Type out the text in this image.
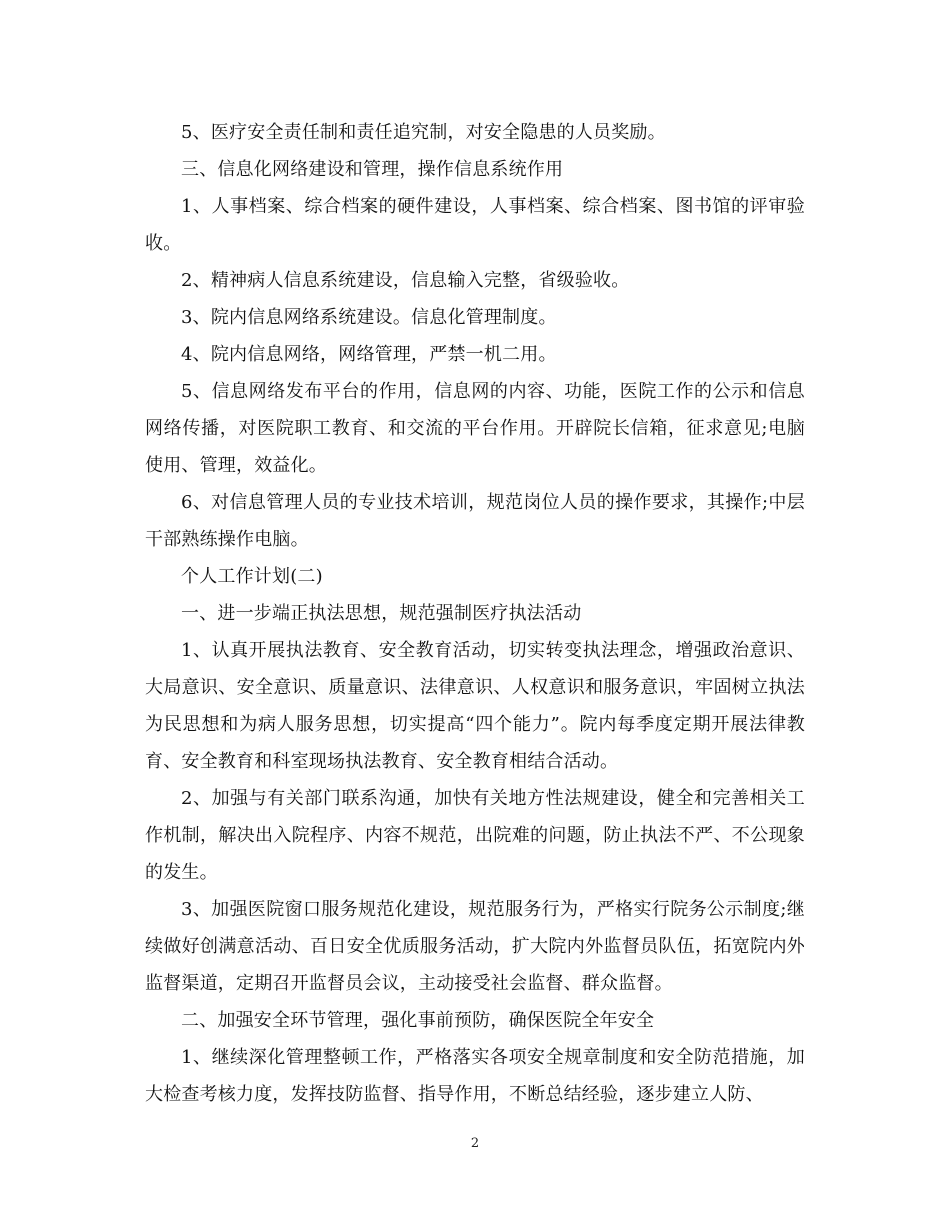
5、医疗安全责任制和责任追究制，对安全隐患的人员奖励。

三、信息化网络建设和管理，操作信息系统作用

1、人事档案、综合档案的硬件建设，人事档案、综合档案、图书馆的评审验收。

2、精神病人信息系统建设，信息输入完整，省级验收。

3、院内信息网络系统建设。信息化管理制度。

4、院内信息网络，网络管理，严禁一机二用。

5、信息网络发布平台的作用，信息网的内容、功能，医院工作的公示和信息网络传播，对医院职工教育、和交流的平台作用。开辟院长信箱，征求意见;电脑使用、管理，效益化。

6、对信息管理人员的专业技术培训，规范岗位人员的操作要求，其操作;中层干部熟练操作电脑。

个人工作计划(二)

一、进一步端正执法思想，规范强制医疗执法活动

1、认真开展执法教育、安全教育活动，切实转变执法理念，增强政治意识、大局意识、安全意识、质量意识、法律意识、人权意识和服务意识，牢固树立执法为民思想和为病人服务思想，切实提高“四个能力”。院内每季度定期开展法律教育、安全教育和科室现场执法教育、安全教育相结合活动。

2、加强与有关部门联系沟通，加快有关地方性法规建设，健全和完善相关工作机制，解决出入院程序、内容不规范，出院难的问题，防止执法不严、不公现象的发生。

3、加强医院窗口服务规范化建设，规范服务行为，严格实行院务公示制度;继续做好创满意活动、百日安全优质服务活动，扩大院内外监督员队伍，拓宽院内外监督渠道，定期召开监督员会议，主动接受社会监督、群众监督。

二、加强安全环节管理，强化事前预防，确保医院全年安全

1、继续深化管理整顿工作，严格落实各项安全规章制度和安全防范措施，加大检查考核力度，发挥技防监督、指导作用，不断总结经验，逐步建立人防、

2
